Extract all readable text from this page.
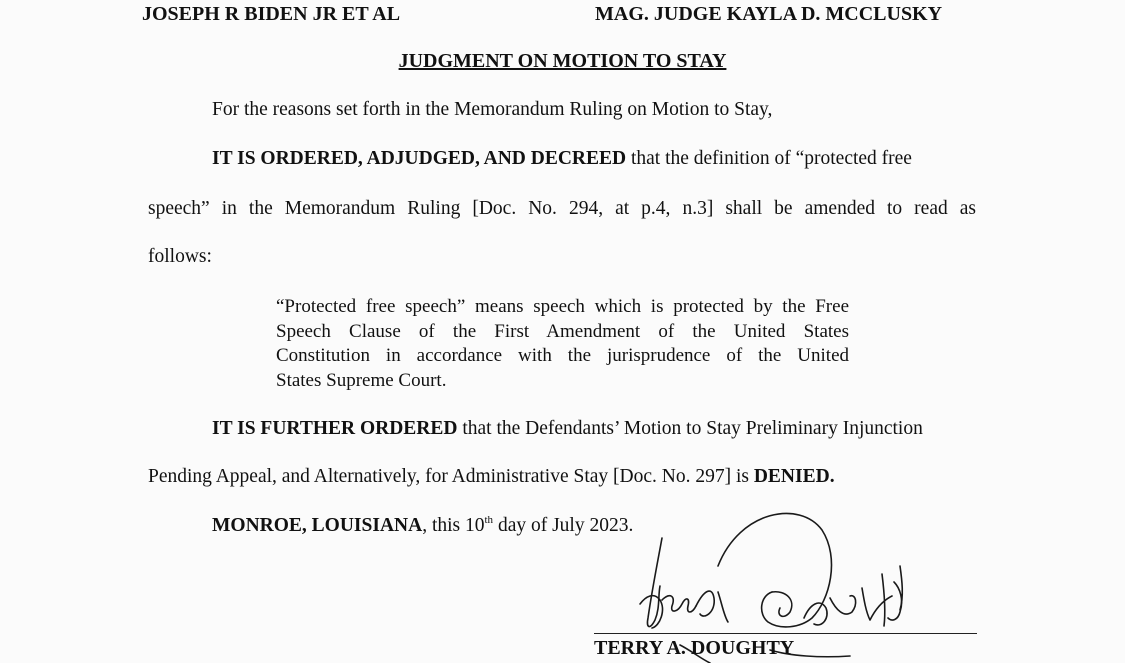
JOSEPH R BIDEN JR ET AL	MAG. JUDGE KAYLA D. MCCLUSKY
JUDGMENT ON MOTION TO STAY
For the reasons set forth in the Memorandum Ruling on Motion to Stay,
IT IS ORDERED, ADJUDGED, AND DECREED that the definition of “protected free
speech” in the Memorandum Ruling [Doc. No. 294, at p.4, n.3] shall be amended to read as
follows:
“Protected free speech” means speech which is protected by the Free
Speech Clause of the First Amendment of the United States
Constitution in accordance with the jurisprudence of the United
States Supreme Court.
IT IS FURTHER ORDERED that the Defendants’ Motion to Stay Preliminary Injunction
Pending Appeal, and Alternatively, for Administrative Stay [Doc. No. 297] is DENIED.
MONROE, LOUISIANA, this 10th day of July 2023.
TERRY A. DOUGHTY
